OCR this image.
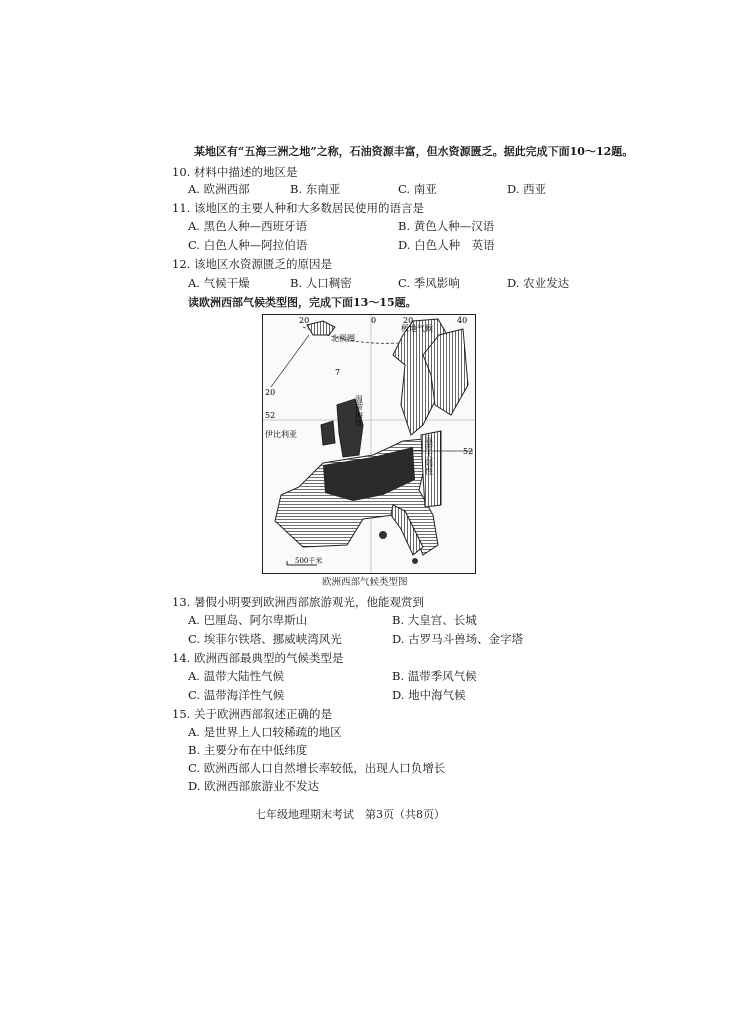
某地区有“五海三洲之地”之称，石油资源丰富，但水资源匮乏。据此完成下面10～12题。
10. 材料中描述的地区是
A. 欧洲西部	B. 东南亚	C. 南亚	D. 西亚
11. 该地区的主要人种和大多数居民使用的语言是
A. 黑色人种—西班牙语	B. 黄色人种—汉语
C. 白色人种—阿拉伯语	D. 白色人种　英语
12. 该地区水资源匮乏的原因是
A. 气候干燥	B. 人口稠密	C. 季风影响	D. 农业发达
读欧洲西部气候类型图，完成下面13～15题。
北极圈
极地气候
7
温带海洋
温带大陆性
伊比利亚
20	0	20	40
20
52
52
500千米
欧洲西部气候类型图
13. 暑假小明要到欧洲西部旅游观光，他能观赏到
A. 巴厘岛、阿尔卑斯山	B. 大皇宫、长城
C. 埃菲尔铁塔、挪威峡湾风光	D. 古罗马斗兽场、金字塔
14. 欧洲西部最典型的气候类型是
A. 温带大陆性气候	B. 温带季风气候
C. 温带海洋性气候	D. 地中海气候
15. 关于欧洲西部叙述正确的是
A. 是世界上人口较稀疏的地区
B. 主要分布在中低纬度
C. 欧洲西部人口自然增长率较低，出现人口负增长
D. 欧洲西部旅游业不发达
七年级地理期末考试　第3页（共8页）
